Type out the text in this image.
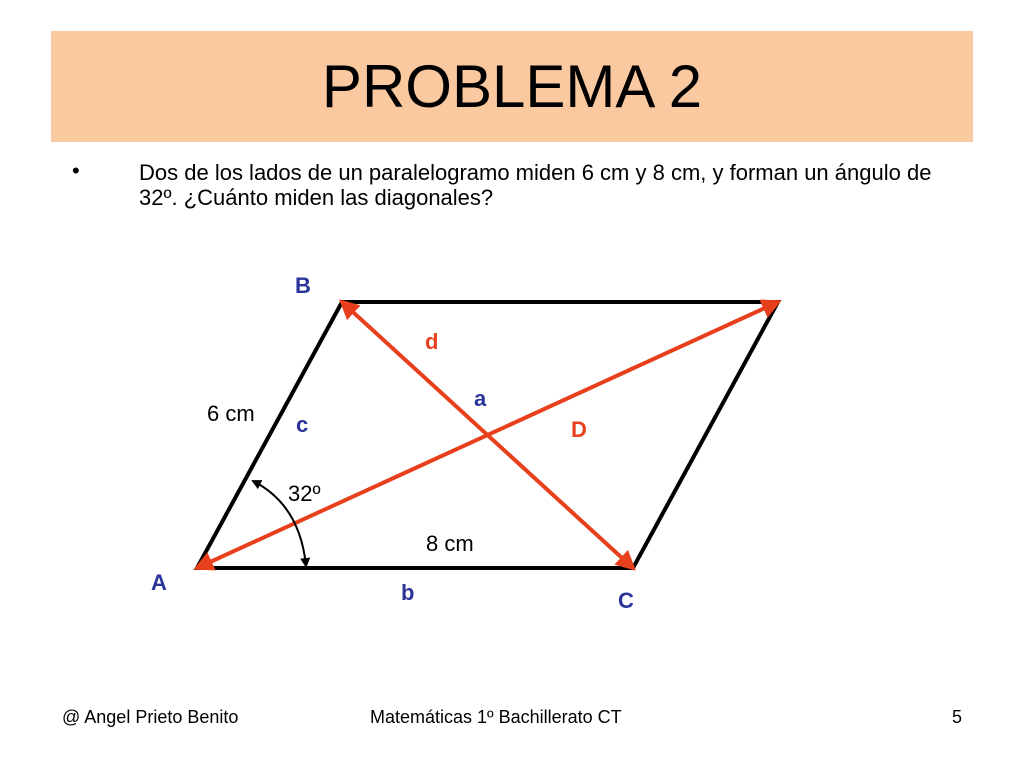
PROBLEMA 2
•	Dos de los lados de un paralelogramo miden 6 cm y 8 cm, y forman un ángulo de 32º. ¿Cuánto miden las diagonales?
B
A
C
c
b
d
D
a
6 cm
8 cm
32º
@ Angel Prieto Benito	Matemáticas 1º Bachillerato CT	5
